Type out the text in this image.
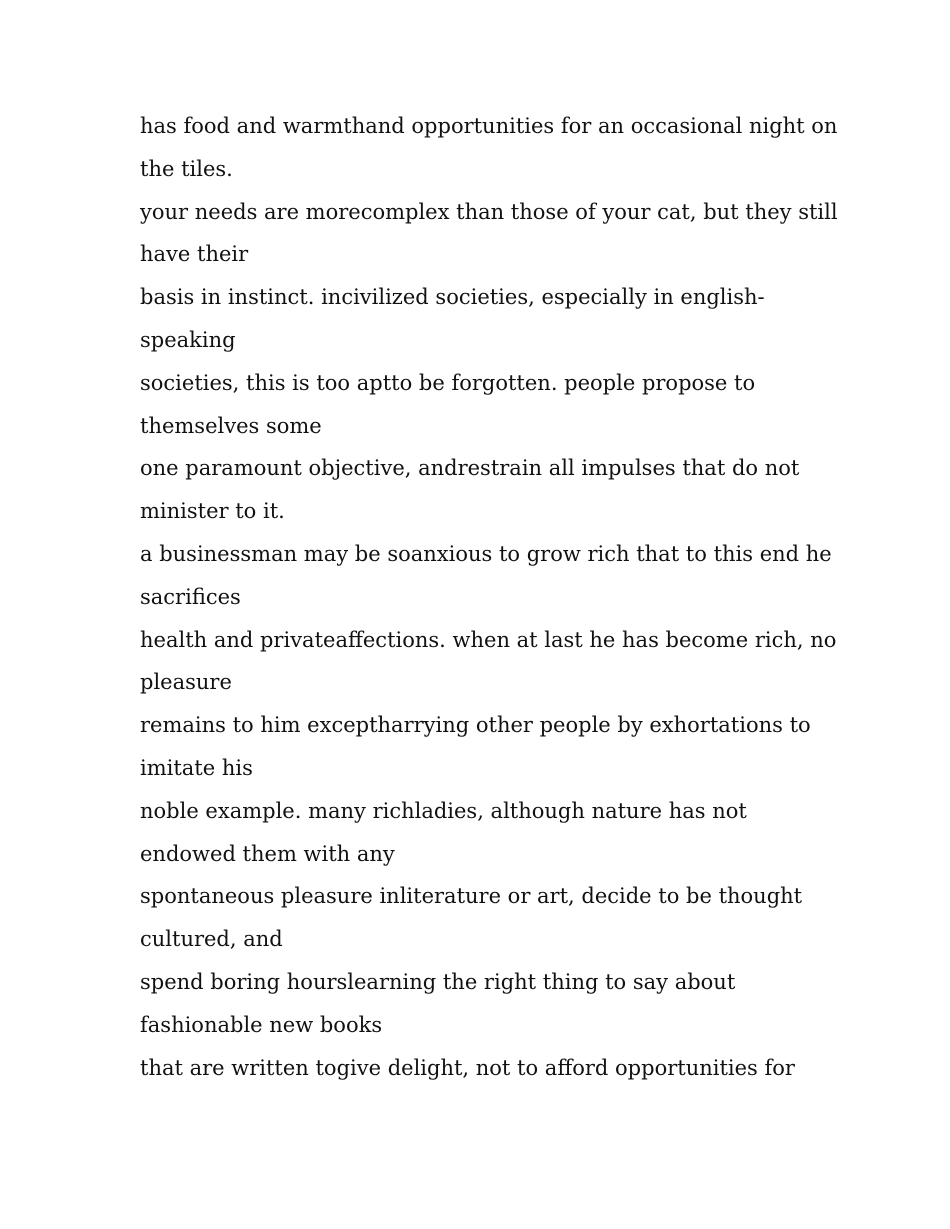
has food and warmthand opportunities for an occasional night on
the tiles.
your needs are morecomplex than those of your cat, but they still
have their
basis in instinct. incivilized societies, especially in english-
speaking
societies, this is too aptto be forgotten. people propose to
themselves some
one paramount objective, andrestrain all impulses that do not
minister to it.
a businessman may be soanxious to grow rich that to this end he
sacrifices
health and privateaffections. when at last he has become rich, no
pleasure
remains to him excepth​arrying other people by exhortations to
imitate his
noble example. many richladies, although nature has not
endowed them with any
spontaneous pleasure inliterature or art, decide to be thought
cultured, and
spend boring hourslearning the right thing to say about
fashionable new books
that are written togive delight, not to afford opportunities for
